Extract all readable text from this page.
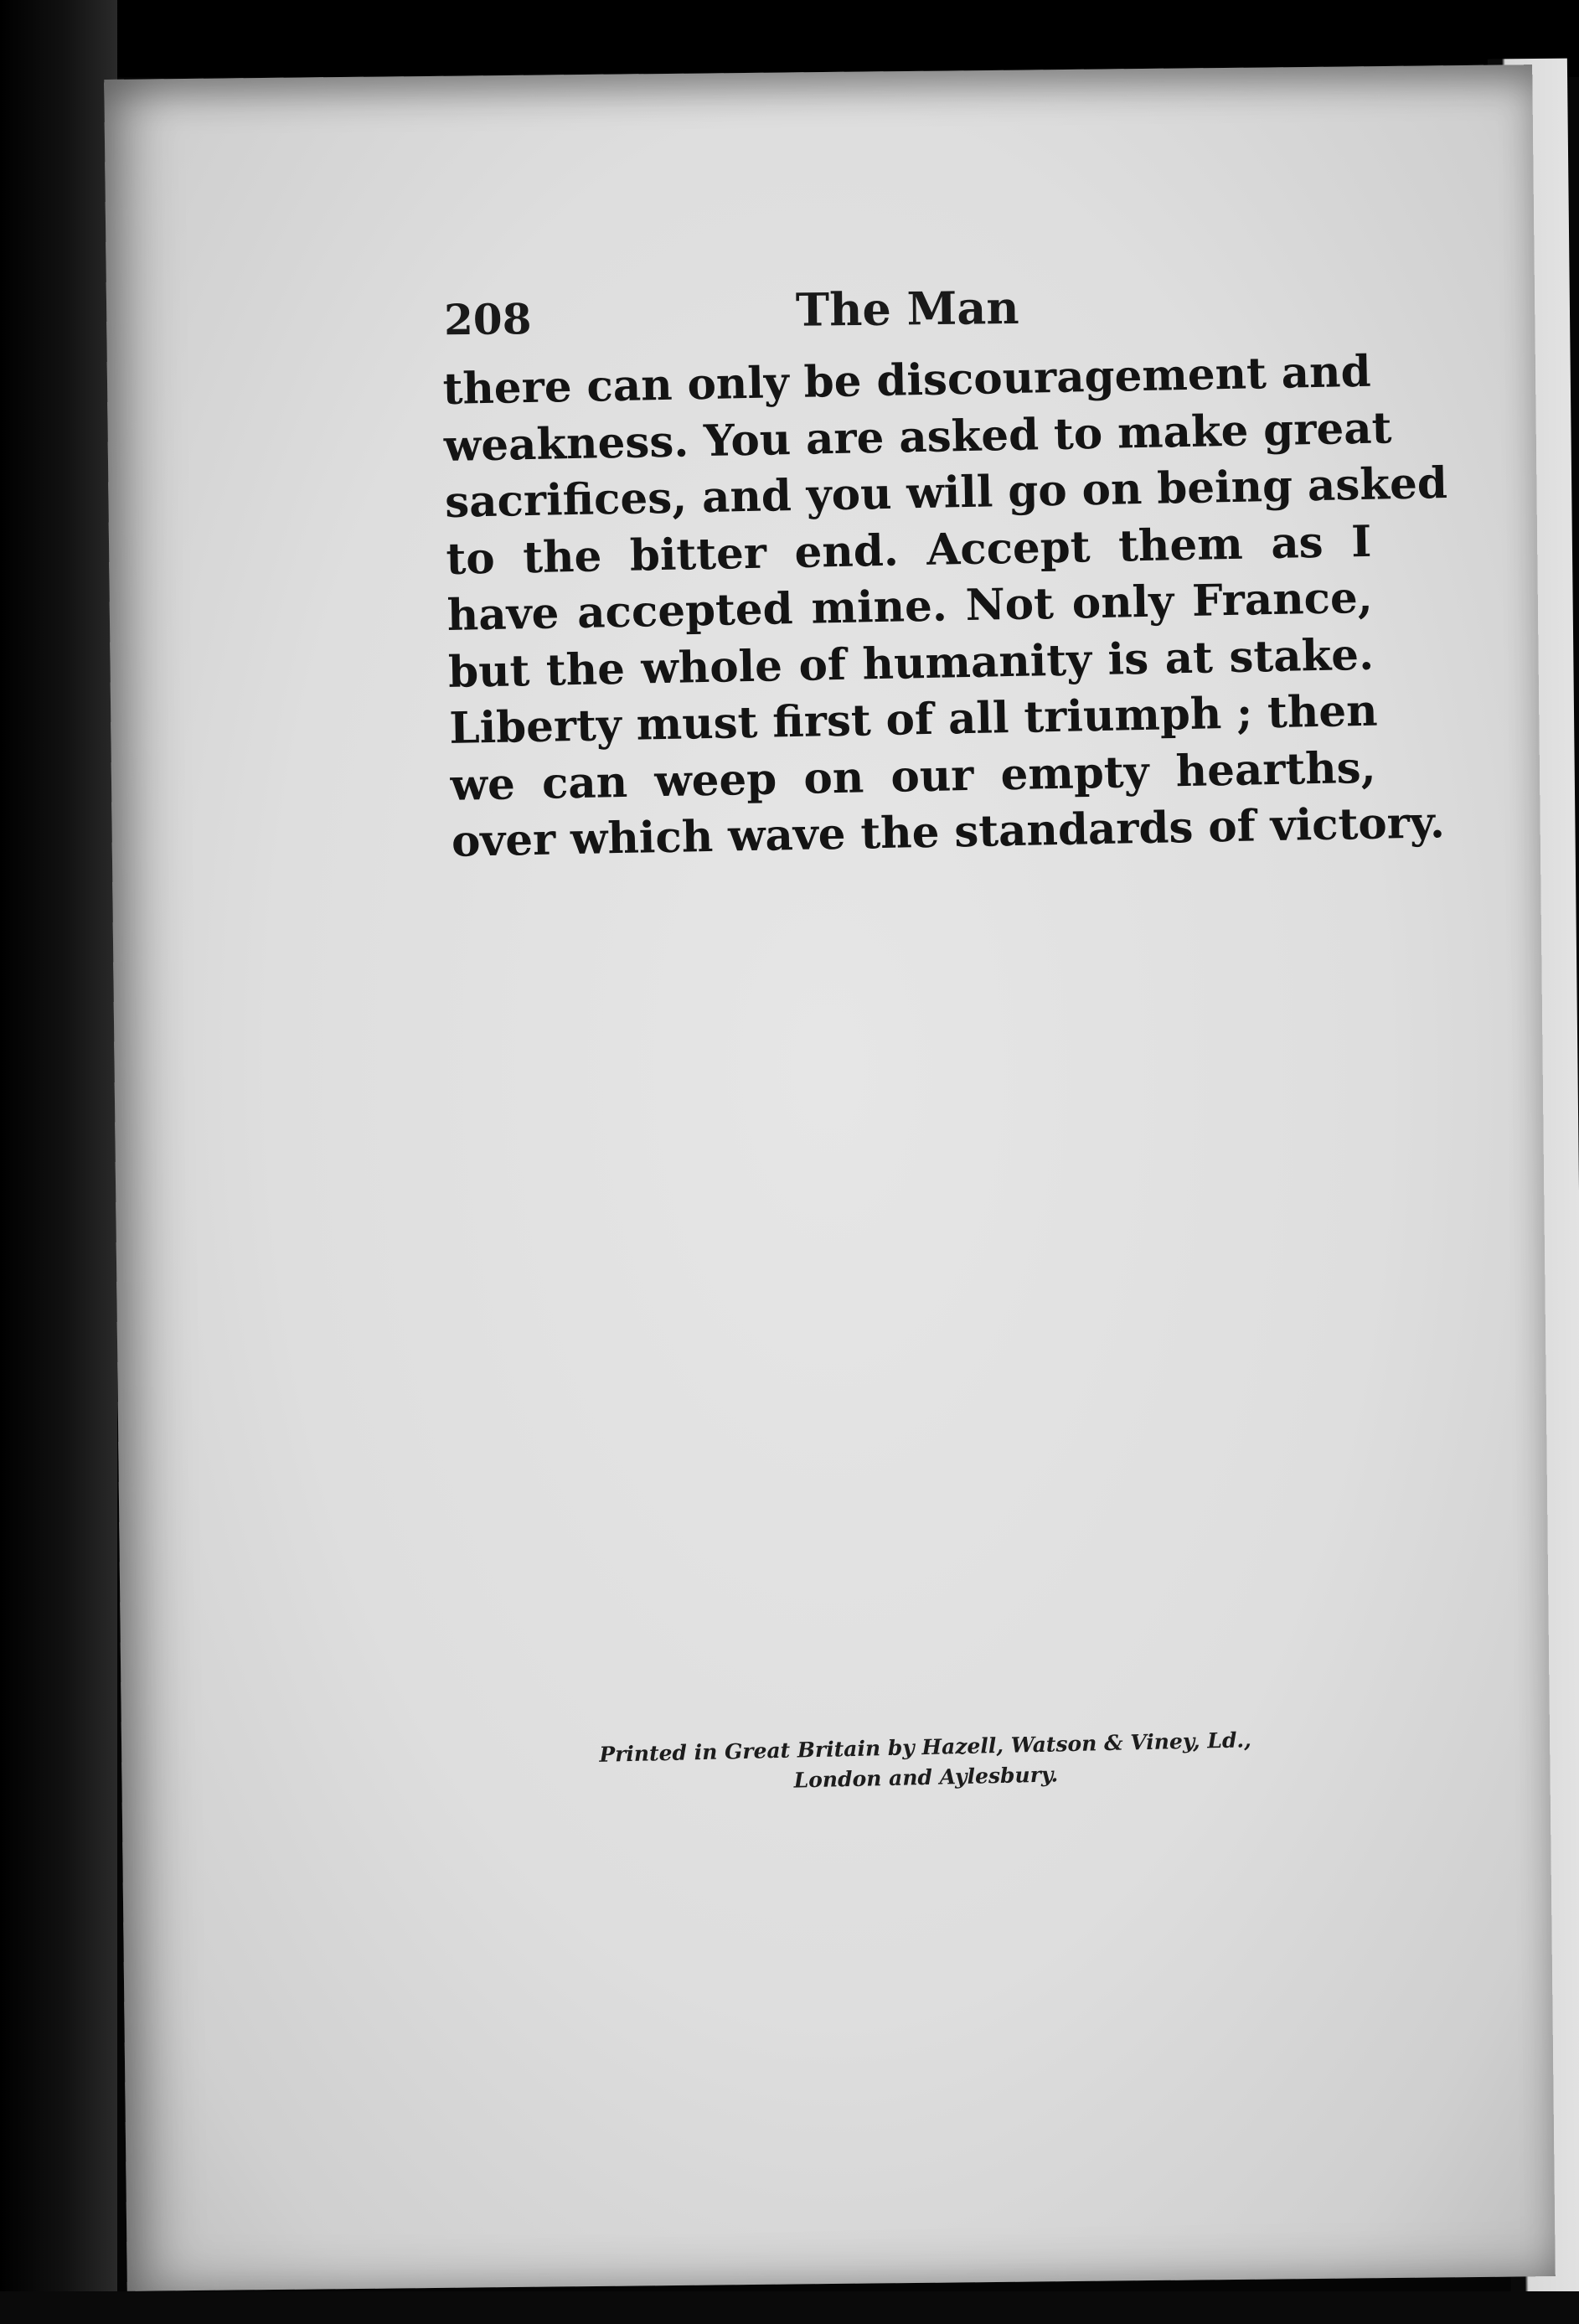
208	The Man
there can only be discouragement and
weakness. You are asked to make great
sacrifices, and you will go on being asked
to the bitter end. Accept them as I
have accepted mine. Not only France,
but the whole of humanity is at stake.
Liberty must first of all triumph ; then
we can weep on our empty hearths,
over which wave the standards of victory.
Printed in Great Britain by Hazell, Watson & Viney, Ld.,
London and Aylesbury.
